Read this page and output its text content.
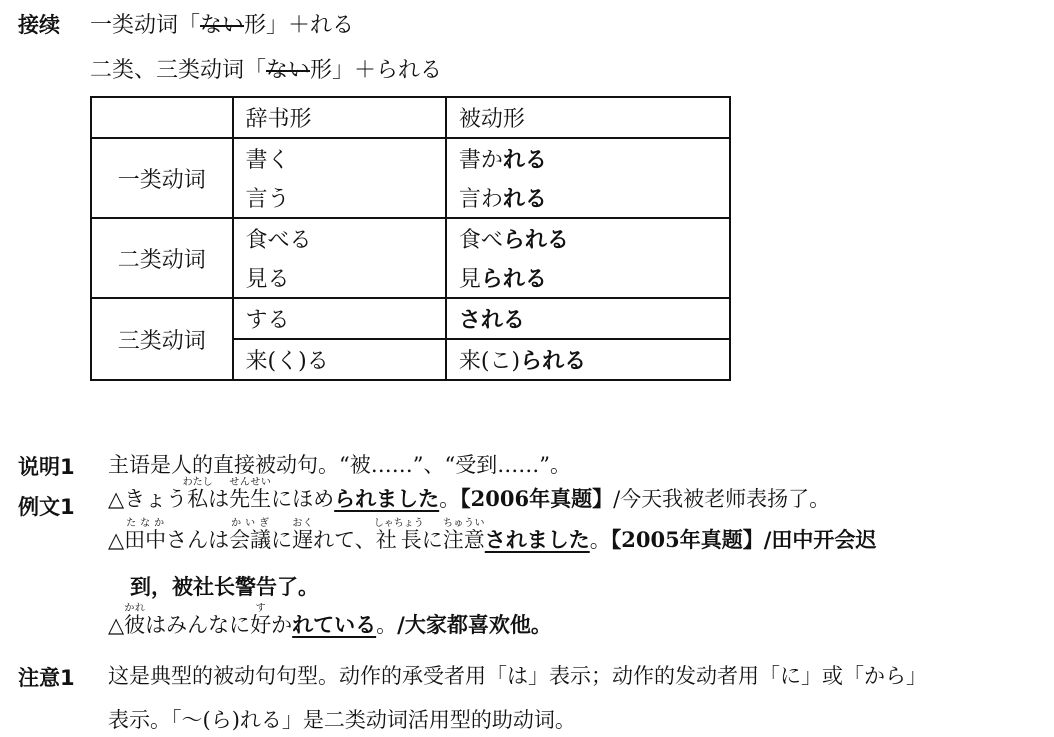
接续 一类动词「ない形」＋れる
二类、三类动词「ない形」＋られる
	辞书形	被动形
一类动词	書く	書かれる
	言う	言われる
二类动词	食べる	食べられる
	見る	見られる
三类动词	する	される
	来(く)る	来(こ)られる
说明1 主语是人的直接被动句。“被……”、“受到……”。
例文1 △きょう私わたしは先生せんせいにほめられました。【2006年真题】/今天我被老师表扬了。
△田中たなかさんは会議かいぎに遅おくれて、社長しゃちょうに注意ちゅういされました。【2005年真题】/田中开会迟
到，被社长警告了。
△彼かれはみんなに好すかれている。/大家都喜欢他。
注意1 这是典型的被动句句型。动作的承受者用「は」表示；动作的发动者用「に」或「から」
表示。「～(ら)れる」是二类动词活用型的助动词。
